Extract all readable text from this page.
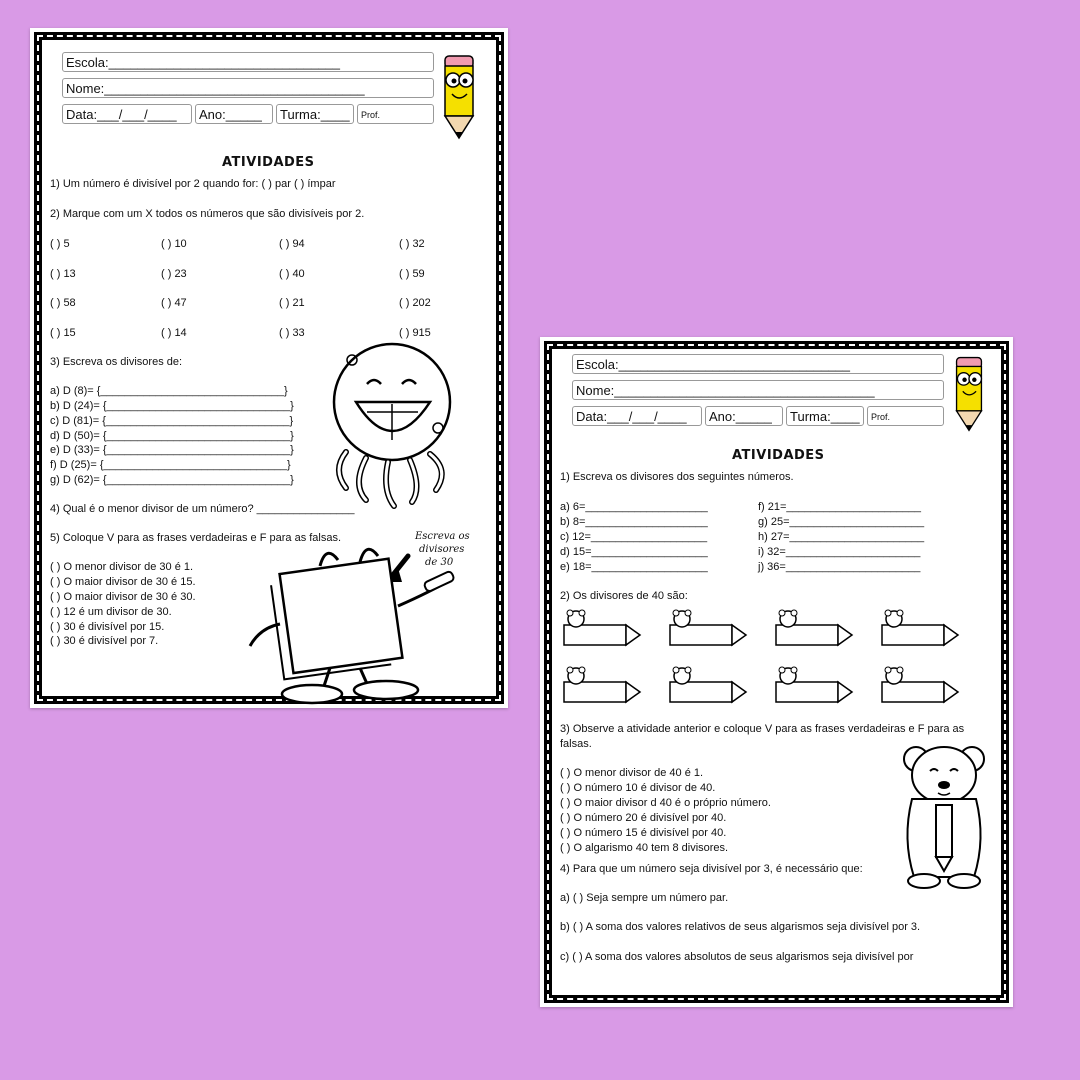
Escola:________________________________
Nome:____________________________________
Data:___/___/____	Ano:_____	Turma:____	Prof.
ATIVIDADES
1) Um número é divisível por 2 quando for: ( ) par ( ) ímpar
2) Marque com um X todos os números que são divisíveis por 2.
( ) 5	( ) 10	( ) 94	( ) 32
( ) 13	( ) 23	( ) 40	( ) 59
( ) 58	( ) 47	( ) 21	( ) 202
( ) 15	( ) 14	( ) 33	( ) 915
3) Escreva os divisores de:
a) D (8)= {______________________________}
b) D (24)= {______________________________}
c) D (81)= {______________________________}
d) D (50)= {______________________________}
e) D (33)= {______________________________}
f) D (25)= {______________________________}
g) D (62)= {______________________________}
4) Qual é o menor divisor de um número? ________________
5) Coloque V para as frases verdadeiras e F para as falsas.
( ) O menor divisor de 30 é 1.
( ) O maior divisor de 30 é 15.
( ) O maior divisor de 30 é 30.
( ) 12 é um divisor de 30.
( ) 30 é divisível por 15.
( ) 30 é divisível por 7.
Escreva os
divisores
de 30
Escola:________________________________
Nome:____________________________________
Data:___/___/____	Ano:_____	Turma:____	Prof.
ATIVIDADES
1) Escreva os divisores dos seguintes números.
a) 6=____________________
b) 8=____________________
c) 12=___________________
d) 15=___________________
e) 18=___________________
f) 21=______________________
g) 25=______________________
h) 27=______________________
i) 32=______________________
j) 36=______________________
2) Os divisores de 40 são:
3) Observe a atividade anterior e coloque V para as frases verdadeiras e F para as
falsas.
( ) O menor divisor de 40 é 1.
( ) O número 10 é divisor de 40.
( ) O maior divisor d 40 é o próprio número.
( ) O número 20 é divisível por 40.
( ) O número 15 é divisível por 40.
( ) O algarismo 40 tem 8 divisores.
4) Para que um número seja divisível por 3, é necessário que:
a) ( ) Seja sempre um número par.
b) ( ) A soma dos valores relativos de seus algarismos seja divisível por 3.
c) ( ) A soma dos valores absolutos de seus algarismos seja divisível por
